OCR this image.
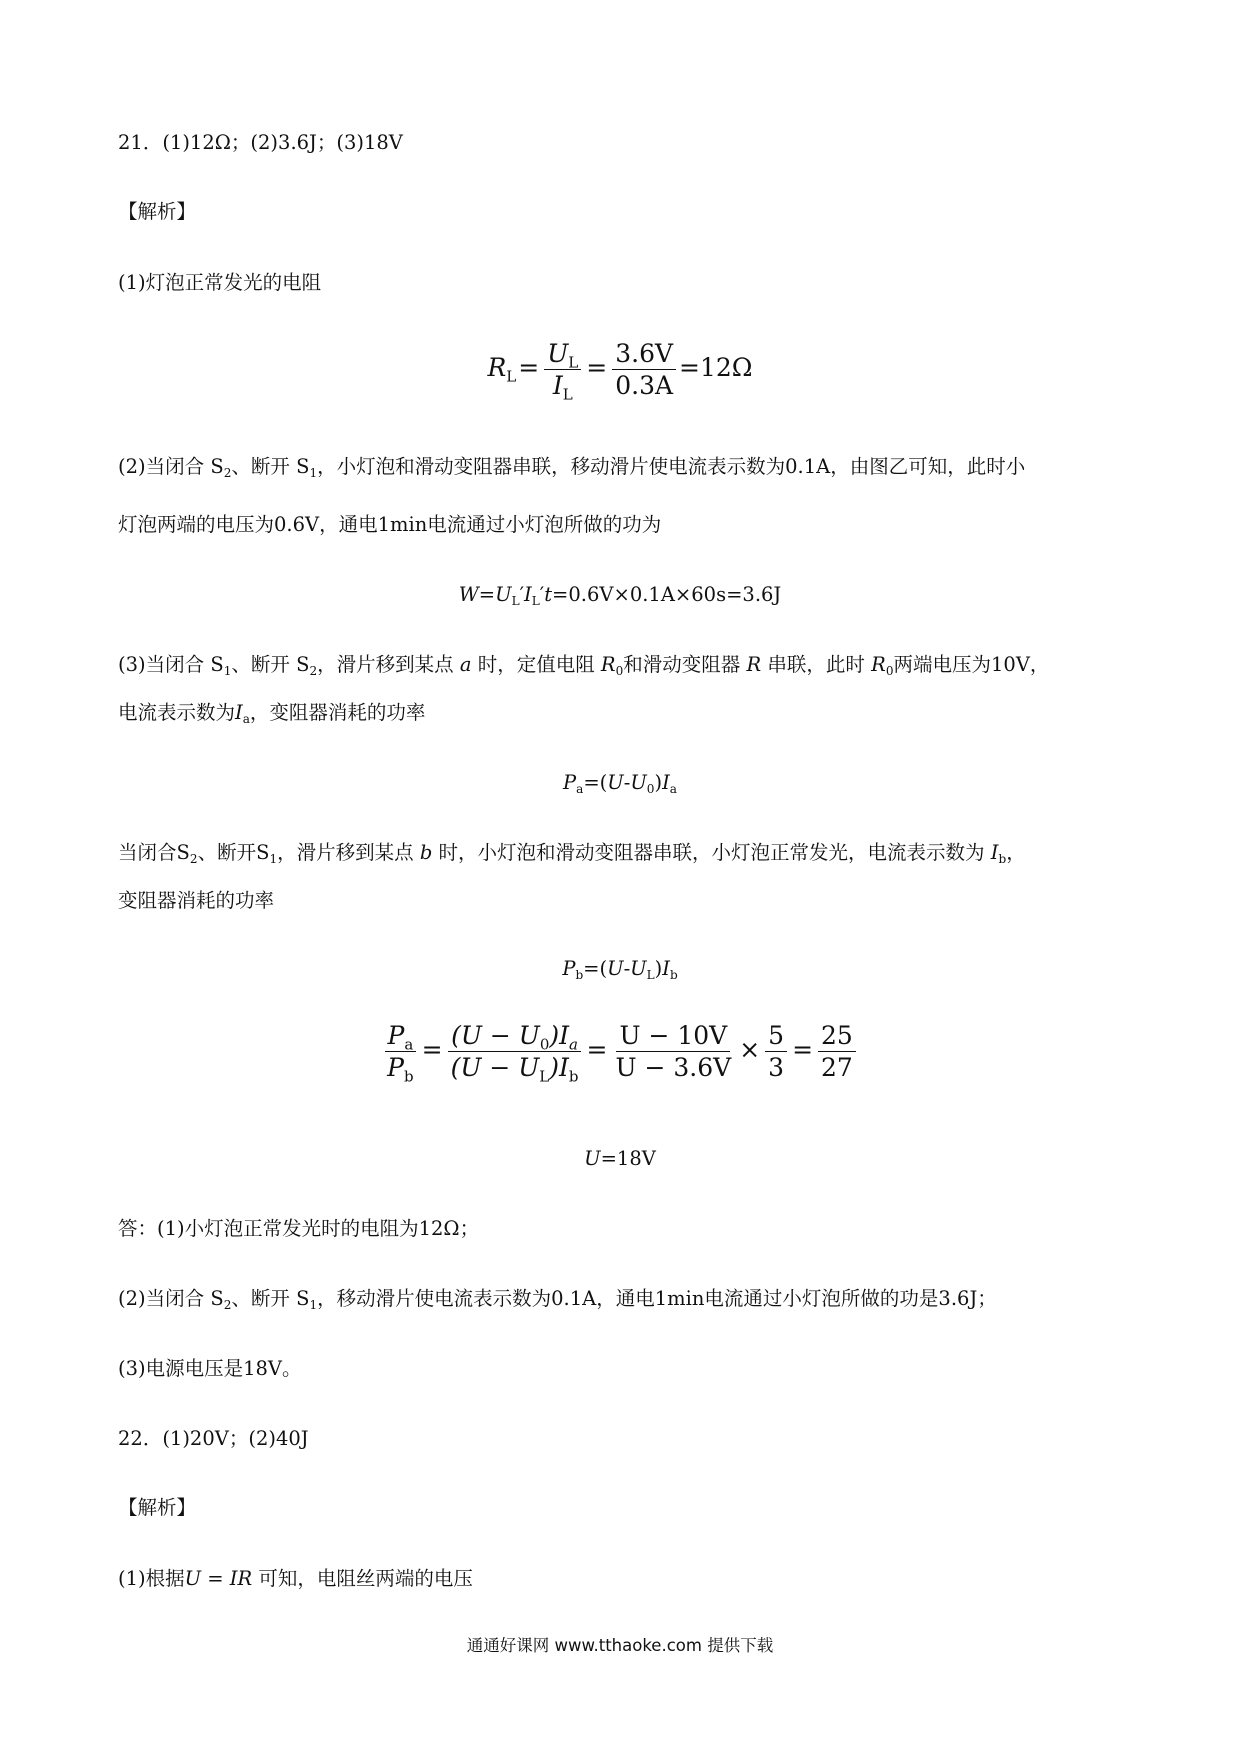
21．(1)12Ω；(2)3.6J；(3)18V
【解析】
(1)灯泡正常发光的电阻
$R_L= \frac{U_L}{I_L} = \frac{3.6V}{0.3A} =12\Omega$
(2)当闭合 $S_2$、断开 $S_1$，小灯泡和滑动变阻器串联，移动滑片使电流表示数为0.1A，由图乙可知，此时小
灯泡两端的电压为0.6V，通电1min电流通过小灯泡所做的功为
$W=U_L'I_L't=0.6V\times 0.1A\times 60s=3.6J$
(3)当闭合 $S_1$、断开 $S_2$，滑片移到某点 a 时，定值电阻 $R_0$和滑动变阻器 R 串联，此时 $R_0$两端电压为10V，
电流表示数为$I_a$，变阻器消耗的功率
$P_a=(U-U_0)I_a$
当闭合$S_2$、断开$S_1$，滑片移到某点 b 时，小灯泡和滑动变阻器串联，小灯泡正常发光，电流表示数为 $I_b$，
变阻器消耗的功率
$P_b=(U-U_L)I_b$
$\frac{P_a}{P_b} = \frac{(U - U_0)I_a}{(U - U_L)I_b} = \frac{U - 10V}{U - 3.6V} \times \frac{5}{3} = \frac{25}{27}$
U=18V
答：(1)小灯泡正常发光时的电阻为12Ω；
(2)当闭合 $S_2$、断开 $S_1$，移动滑片使电流表示数为0.1A，通电1min电流通过小灯泡所做的功是3.6J；
(3)电源电压是18V。
22．(1)20V；(2)40J
【解析】
(1)根据U = IR 可知，电阻丝两端的电压
通通好课网 www.tthaoke.com 提供下载
